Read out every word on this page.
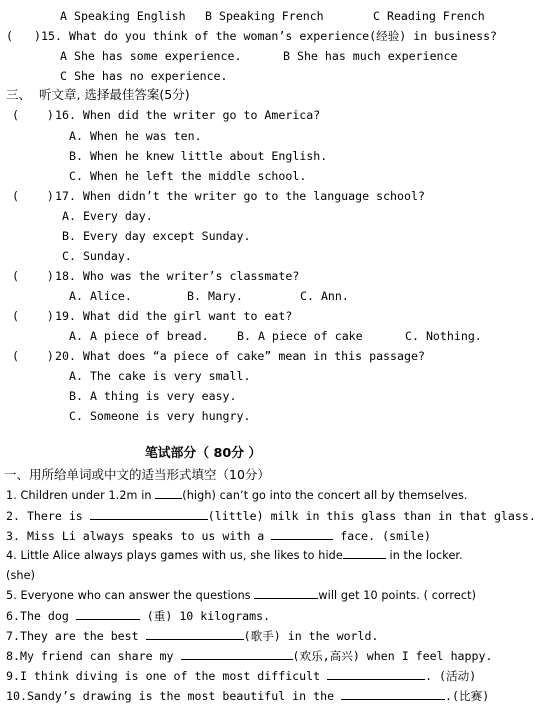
A Speaking English

B Speaking French

	C Reading French

(

)

15.

What do you think of the woman’s experience(经验) in business?

A She has some experience.

	B She has much experience

C She has no experience.

三、  听文章, 选择最佳答案(5分)

(    )

16. When did the writer go to America?

A. When he was ten.

B. When he knew little about English.

C. When he left the middle school.

(    )

17. When didn’t the writer go to the language school?

A. Every day.

B. Every day except Sunday.

C. Sunday.

(    )

18. Who was the writer’s classmate?

A. Alice.

	B. Mary.

	C. Ann.

(    )

19. What did the girl want to eat?

A. A piece of bread.

B. A piece of cake

	C. Nothing.

(    )

20. What does “a piece of cake” mean in this passage?

A. The cake is very small.

B. A thing is very easy.

C. Someone is very hungry.

笔试部分（ 80分 ）

一、用所给单词或中文的适当形式填空（10分）

1. Children under 1.2m in (high) can’t go into the concert all by themselves.

2. There is	(little) milk in this glass than in that glass.

3. Miss Li always speaks to us with a	face. (smile)

4. Little Alice always plays games with us, she likes to hide	in the locker.

(she)

5. Everyone who can answer the questions	will get 10 points. ( correct)

6.The dog	(重) 10 kilograms.

7.They are the best	(歌手) in the world.

8.My friend can share my	(欢乐,高兴) when I feel happy.

9.I think diving is one of the most difficult	. (活动)

10.Sandy’s drawing is the most beautiful in the	.(比赛)
